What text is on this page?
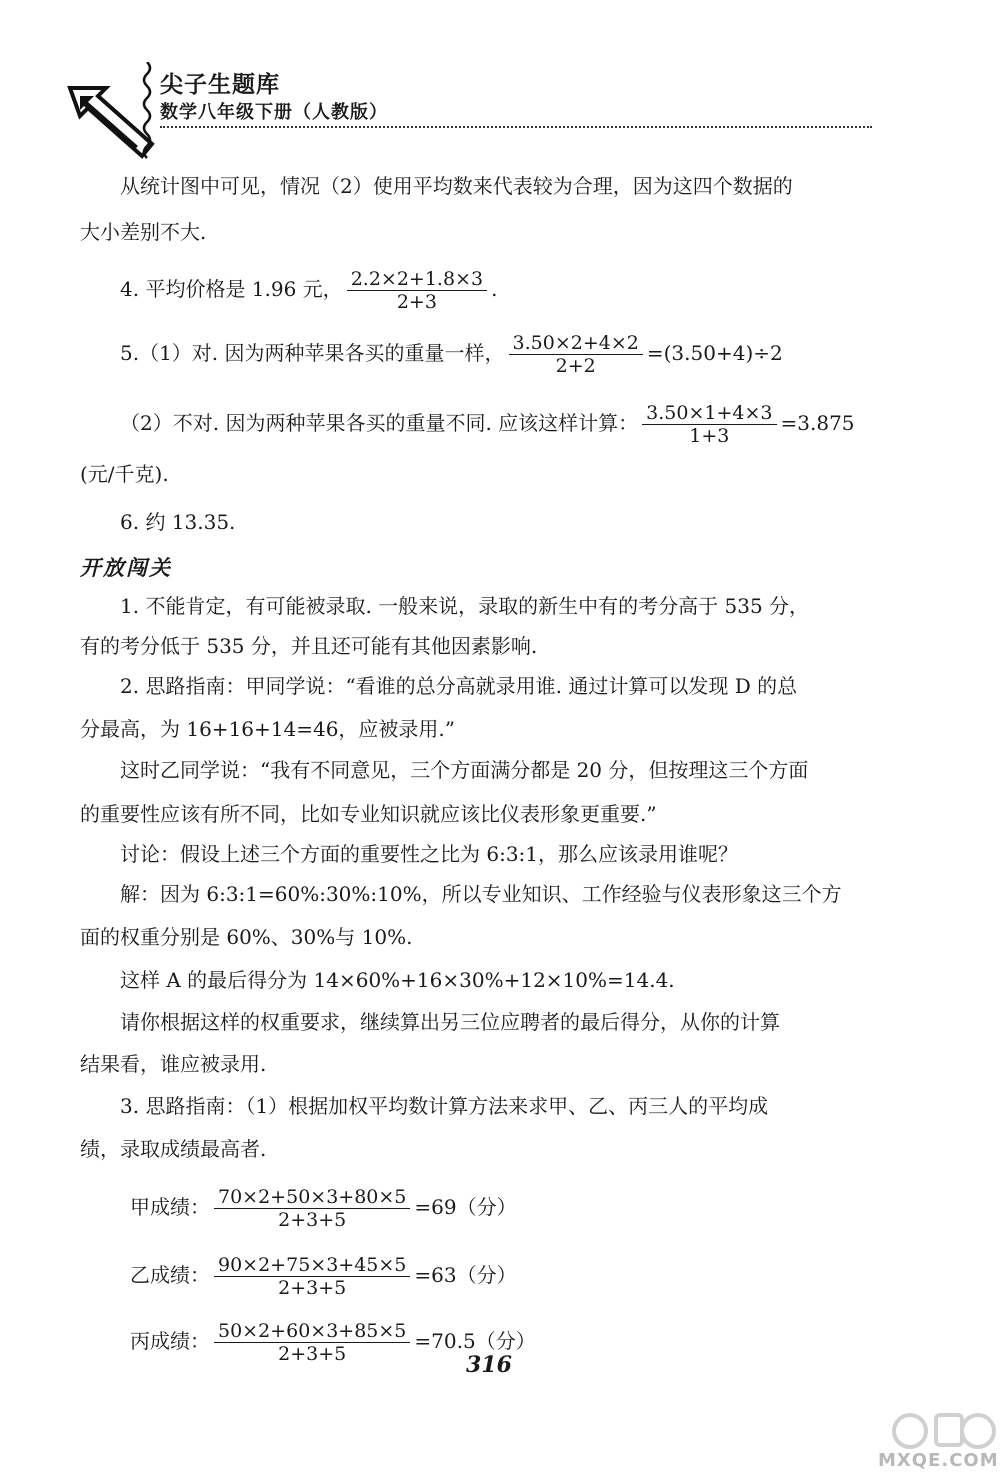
尖子生题库
数学八年级下册（人教版）
从统计图中可见，情况（2）使用平均数来代表较为合理，因为这四个数据的
大小差别不大.
4. 平均价格是 1.96 元， $\frac{2.2\times 2+1.8\times 3}{2+3}$ .
5.（1）对. 因为两种苹果各买的重量一样， $\frac{3.50\times 2+4\times 2}{2+2} =(3.50+4)\div 2$
（2）不对. 因为两种苹果各买的重量不同. 应该这样计算： $\frac{3.50\times 1+4\times 3}{1+3} =3.875$
(元/千克).
6. 约 13.35.
开放闯关
1. 不能肯定，有可能被录取. 一般来说，录取的新生中有的考分高于 535 分，
有的考分低于 535 分，并且还可能有其他因素影响.
2. 思路指南：甲同学说：“看谁的总分高就录用谁. 通过计算可以发现 D 的总
分最高，为 16+16+14=46，应被录用.”
这时乙同学说：“我有不同意见，三个方面满分都是 20 分，但按理这三个方面
的重要性应该有所不同，比如专业知识就应该比仪表形象更重要.”
讨论：假设上述三个方面的重要性之比为 6:3:1，那么应该录用谁呢？
解：因为 6:3:1=60%:30%:10%，所以专业知识、工作经验与仪表形象这三个方
面的权重分别是 60%、30%与 10%.
这样 A 的最后得分为 14×60%+16×30%+12×10%=14.4.
请你根据这样的权重要求，继续算出另三位应聘者的最后得分，从你的计算
结果看，谁应被录用.
3. 思路指南：（1）根据加权平均数计算方法来求甲、乙、丙三人的平均成
绩，录取成绩最高者.
甲成绩： $\frac{70\times 2+50\times 3+80\times 5}{2+3+5} =69$（分）
乙成绩： $\frac{90\times 2+75\times 3+45\times 5}{2+3+5} =63$（分）
丙成绩： $\frac{50\times 2+60\times 3+85\times 5}{2+3+5} =70.5$（分）
316
MXQE.COM
